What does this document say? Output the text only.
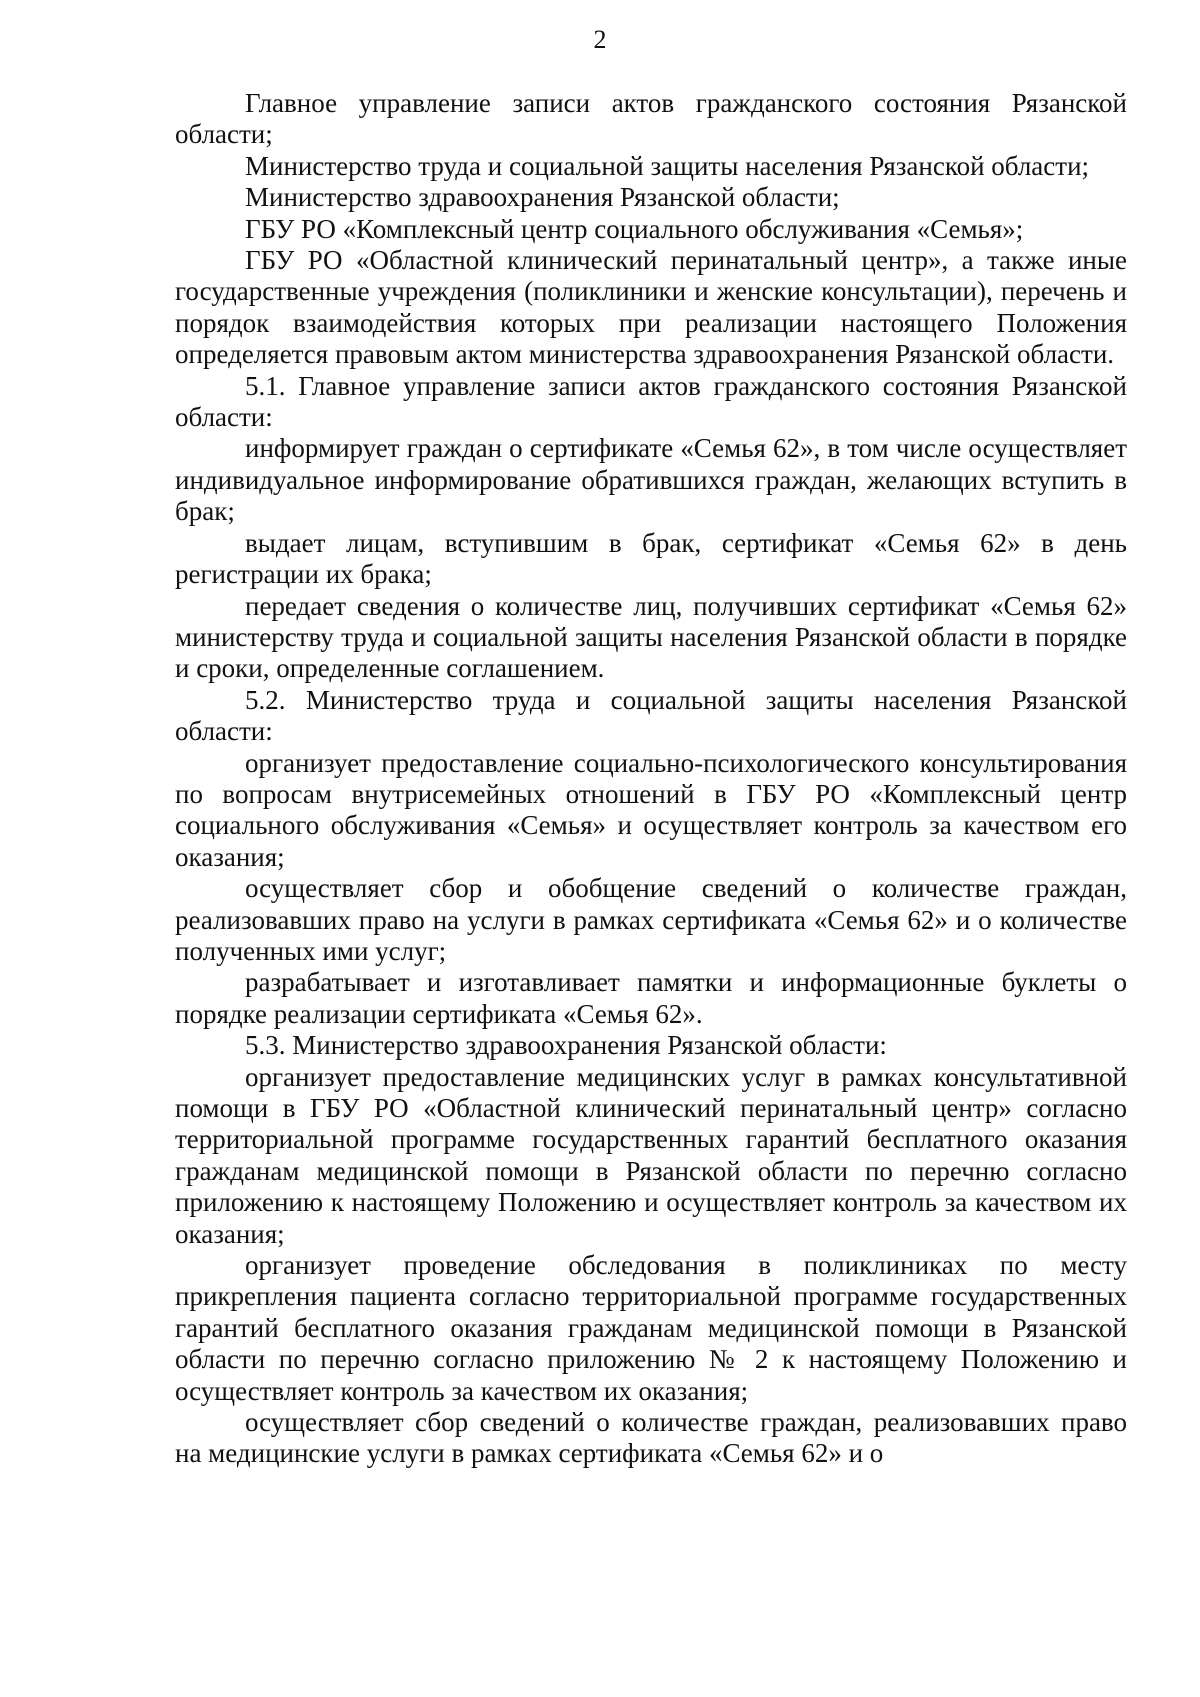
2

Главное управление записи актов гражданского состояния Рязанской области;

Министерство труда и социальной защиты населения Рязанской области;

Министерство здравоохранения Рязанской области;

ГБУ РО «Комплексный центр социального обслуживания «Семья»;

ГБУ РО «Областной клинический перинатальный центр», а также иные государственные учреждения (поликлиники и женские консультации), перечень и порядок взаимодействия которых при реализации настоящего Положения определяется правовым актом министерства здравоохранения Рязанской области.

5.1. Главное управление записи актов гражданского состояния Рязанской области:

информирует граждан о сертификате «Семья 62», в том числе осуществляет индивидуальное информирование обратившихся граждан, желающих вступить в брак;

выдает лицам, вступившим в брак, сертификат «Семья 62» в день регистрации их брака;

передает сведения о количестве лиц, получивших сертификат «Семья 62» министерству труда и социальной защиты населения Рязанской области в порядке и сроки, определенные соглашением.

5.2. Министерство труда и социальной защиты населения Рязанской области:

организует предоставление социально-психологического консультирования по вопросам внутрисемейных отношений в ГБУ РО «Комплексный центр социального обслуживания «Семья» и осуществляет контроль за качеством его оказания;

осуществляет сбор и обобщение сведений о количестве граждан, реализовавших право на услуги в рамках сертификата «Семья 62» и о количестве полученных ими услуг;

разрабатывает и изготавливает памятки и информационные буклеты о порядке реализации сертификата «Семья 62».

5.3. Министерство здравоохранения Рязанской области:

организует предоставление медицинских услуг в рамках консультативной помощи в ГБУ РО «Областной клинический перинатальный центр» согласно территориальной программе государственных гарантий бесплатного оказания гражданам медицинской помощи в Рязанской области по перечню согласно приложению к настоящему Положению и осуществляет контроль за качеством их оказания;

организует проведение обследования в поликлиниках по месту прикрепления пациента согласно территориальной программе государственных гарантий бесплатного оказания гражданам медицинской помощи в Рязанской области по перечню согласно приложению № 2 к настоящему Положению и осуществляет контроль за качеством их оказания;

осуществляет сбор сведений о количестве граждан, реализовавших право на медицинские услуги в рамках сертификата «Семья 62» и о
